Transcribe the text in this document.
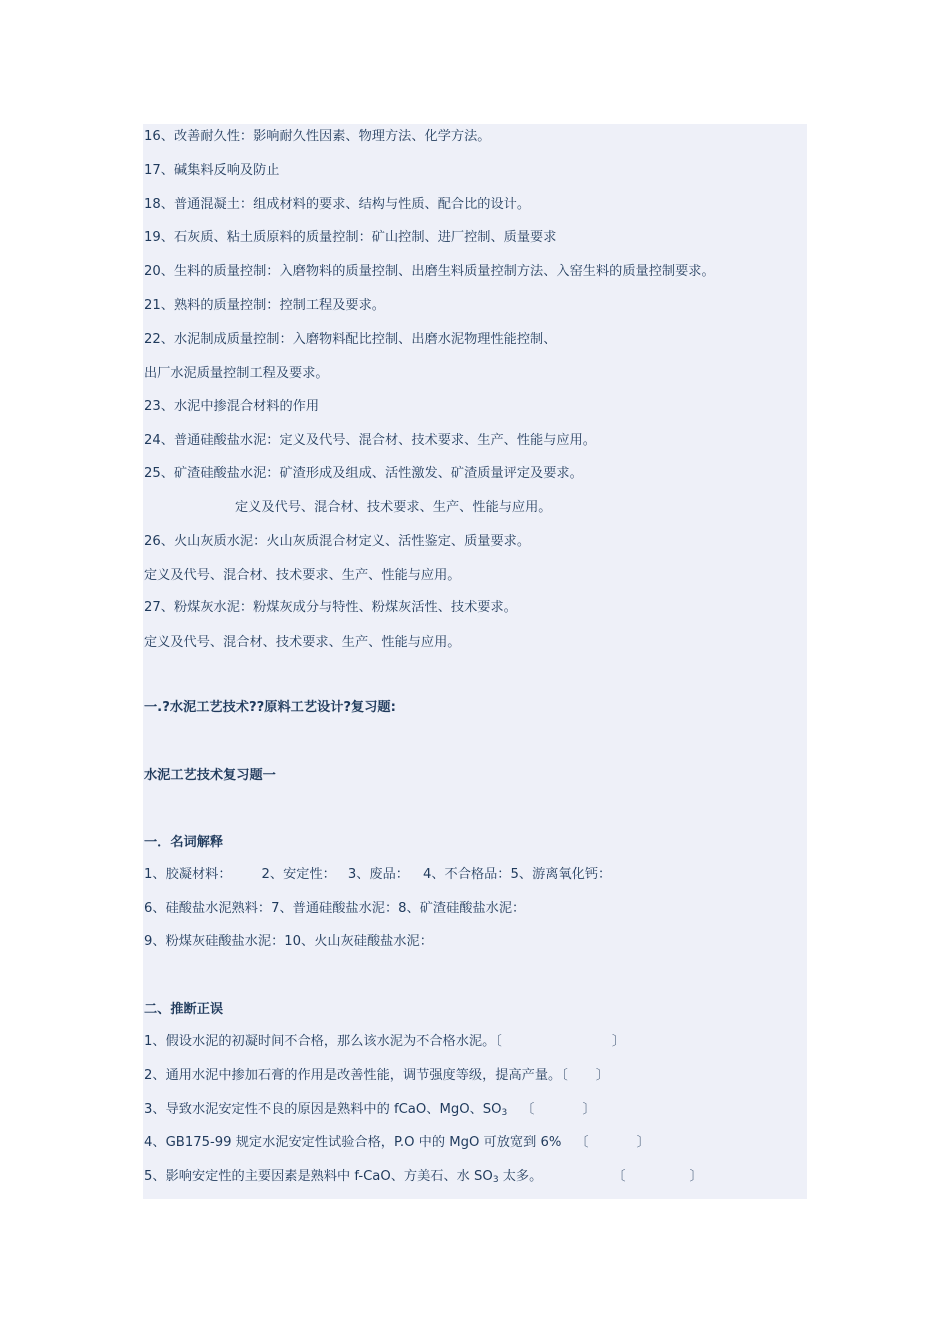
16、改善耐久性：影响耐久性因素、物理方法、化学方法。

17、碱集料反响及防止

18、普通混凝土：组成材料的要求、结构与性质、配合比的设计。

19、石灰质、粘土质原料的质量控制：矿山控制、进厂控制、质量要求

20、生料的质量控制：入磨物料的质量控制、出磨生料质量控制方法、入窑生料的质量控制要求。

21、熟料的质量控制：控制工程及要求。

22、水泥制成质量控制：入磨物料配比控制、出磨水泥物理性能控制、

出厂水泥质量控制工程及要求。

23、水泥中掺混合材料的作用

24、普通硅酸盐水泥：定义及代号、混合材、技术要求、生产、性能与应用。

25、矿渣硅酸盐水泥：矿渣形成及组成、活性激发、矿渣质量评定及要求。

定义及代号、混合材、技术要求、生产、性能与应用。

26、火山灰质水泥：火山灰质混合材定义、活性鉴定、质量要求。

定义及代号、混合材、技术要求、生产、性能与应用。

27、粉煤灰水泥：粉煤灰成分与特性、粉煤灰活性、技术要求。

定义及代号、混合材、技术要求、生产、性能与应用。

一.?水泥工艺技术??原料工艺设计?复习题:

水泥工艺技术复习题一

一．名词解释

1、胶凝材料： 2、安定性： 3、废品： 4、不合格品：5、游离氧化钙：

6、硅酸盐水泥熟料：7、普通硅酸盐水泥：8、矿渣硅酸盐水泥：

9、粉煤灰硅酸盐水泥：10、火山灰硅酸盐水泥：

二、推断正误

1、假设水泥的初凝时间不合格，那么该水泥为不合格水泥。〔	〕

2、通用水泥中掺加石膏的作用是改善性能，调节强度等级，提高产量。〔 〕

3、导致水泥安定性不良的原因是熟料中的 fCaO、MgO、$SO_3$ 〔	〕

4、GB175-99 规定水泥安定性试验合格，P.O 中的 MgO 可放宽到 6% 〔	〕

5、影响安定性的主要因素是熟料中 f-CaO、方美石、水 $SO_3$ 太多。	〔	〕
